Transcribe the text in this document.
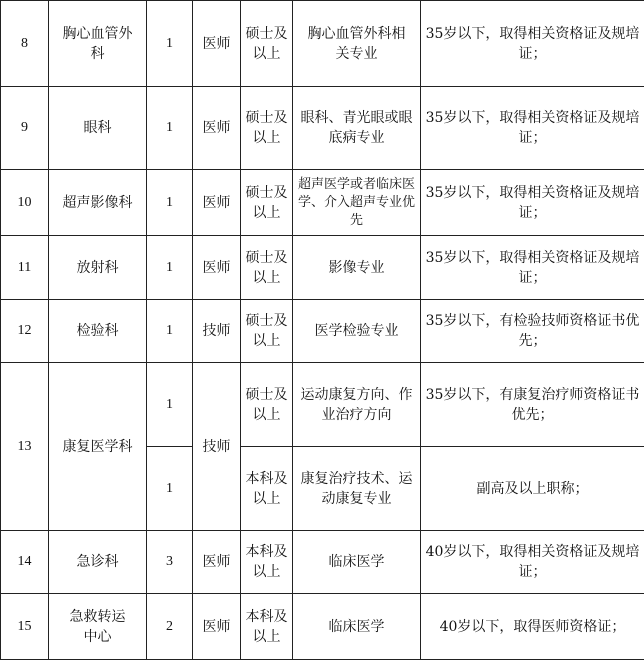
8	胸心血管外科	1	医师	硕士及以上	胸心血管外科相关专业	35岁以下，取得相关资格证及规培证；
9	眼科	1	医师	硕士及以上	眼科、青光眼或眼底病专业	35岁以下，取得相关资格证及规培证；
10	超声影像科	1	医师	硕士及以上	超声医学或者临床医学、介入超声专业优先	35岁以下，取得相关资格证及规培证；
11	放射科	1	医师	硕士及以上	影像专业	35岁以下，取得相关资格证及规培证；
12	检验科	1	技师	硕士及以上	医学检验专业	35岁以下，有检验技师资格证书优先；
13	康复医学科	1	技师	硕士及以上	运动康复方向、作业治疗方向	35岁以下，有康复治疗师资格证书优先；
		1		本科及以上	康复治疗技术、运动康复专业	副高及以上职称；
14	急诊科	3	医师	本科及以上	临床医学	40岁以下，取得相关资格证及规培证；
15	急救转运中心	2	医师	本科及以上	临床医学	40岁以下，取得医师资格证；
